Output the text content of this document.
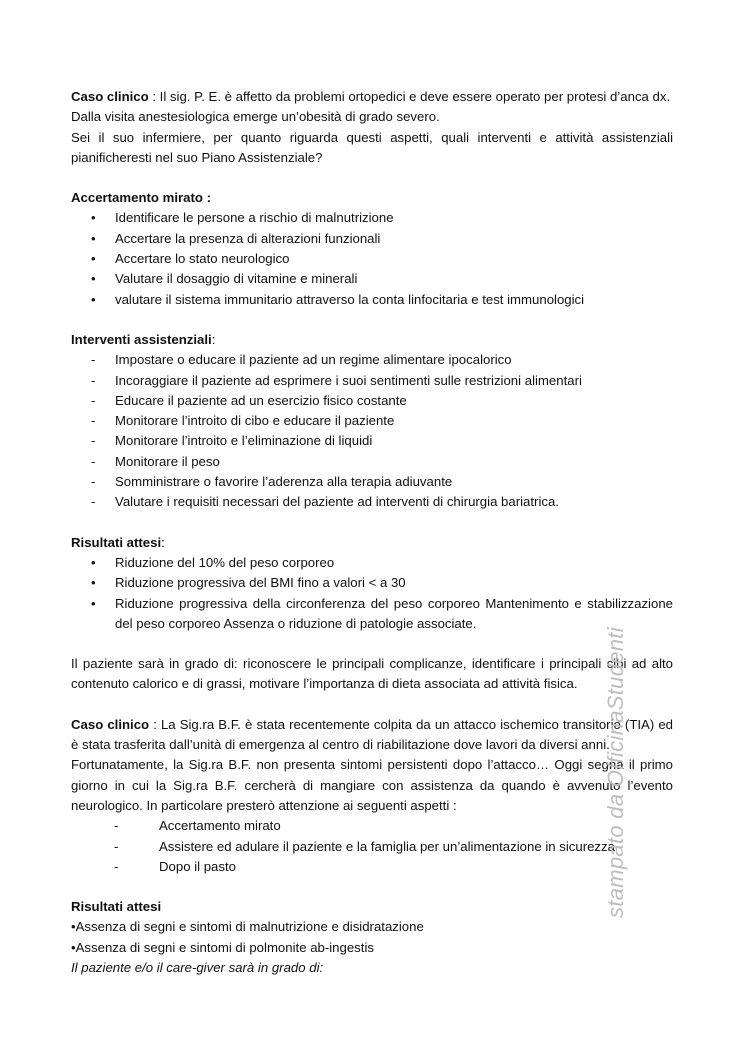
Caso clinico : Il sig. P. E. è affetto da problemi ortopedici e deve essere operato per protesi d’anca dx.
Dalla visita anestesiologica emerge un’obesità di grado severo.

Sei il suo infermiere, per quanto riguarda questi aspetti, quali interventi e attività assistenziali pianificheresti nel suo Piano Assistenziale?

Accertamento mirato :

• Identificare le persone a rischio di malnutrizione
• Accertare la presenza di alterazioni funzionali
• Accertare lo stato neurologico
• Valutare il dosaggio di vitamine e minerali
• valutare il sistema immunitario attraverso la conta linfocitaria e test immunologici

Interventi assistenziali:

- Impostare o educare il paziente ad un regime alimentare ipocalorico
- Incoraggiare il paziente ad esprimere i suoi sentimenti sulle restrizioni alimentari
- Educare il paziente ad un esercizio fisico costante
- Monitorare l’introito di cibo e educare il paziente
- Monitorare l’introito e l’eliminazione di liquidi
- Monitorare il peso
- Somministrare o favorire l’aderenza alla terapia adiuvante
- Valutare i requisiti necessari del paziente ad interventi di chirurgia bariatrica.

Risultati attesi:

• Riduzione del 10% del peso corporeo
• Riduzione progressiva del BMI fino a valori < a 30
• Riduzione progressiva della circonferenza del peso corporeo Mantenimento e stabilizzazione del peso corporeo Assenza o riduzione di patologie associate.

Il paziente sarà in grado di: riconoscere le principali complicanze, identificare i principali cibi ad alto contenuto calorico e di grassi, motivare l’importanza di dieta associata ad attività fisica.

Caso clinico : La Sig.ra B.F. è stata recentemente colpita da un attacco ischemico transitorio (TIA) ed è stata trasferita dall’unità di emergenza al centro di riabilitazione dove lavori da diversi anni.

Fortunatamente, la Sig.ra B.F. non presenta sintomi persistenti dopo l’attacco… Oggi segna il primo giorno in cui la Sig.ra B.F. cercherà di mangiare con assistenza da quando è avvenuto l’evento neurologico. In particolare presterò attenzione ai seguenti aspetti :

- Accertamento mirato
- Assistere ed adulare il paziente e la famiglia per un’alimentazione in sicurezza
- Dopo il pasto

Risultati attesi

• Assenza di segni e sintomi di malnutrizione e disidratazione

• Assenza di segni e sintomi di polmonite ab-ingestis

Il paziente e/o il care-giver sarà in grado di:

stampato da OfficinaStudenti
